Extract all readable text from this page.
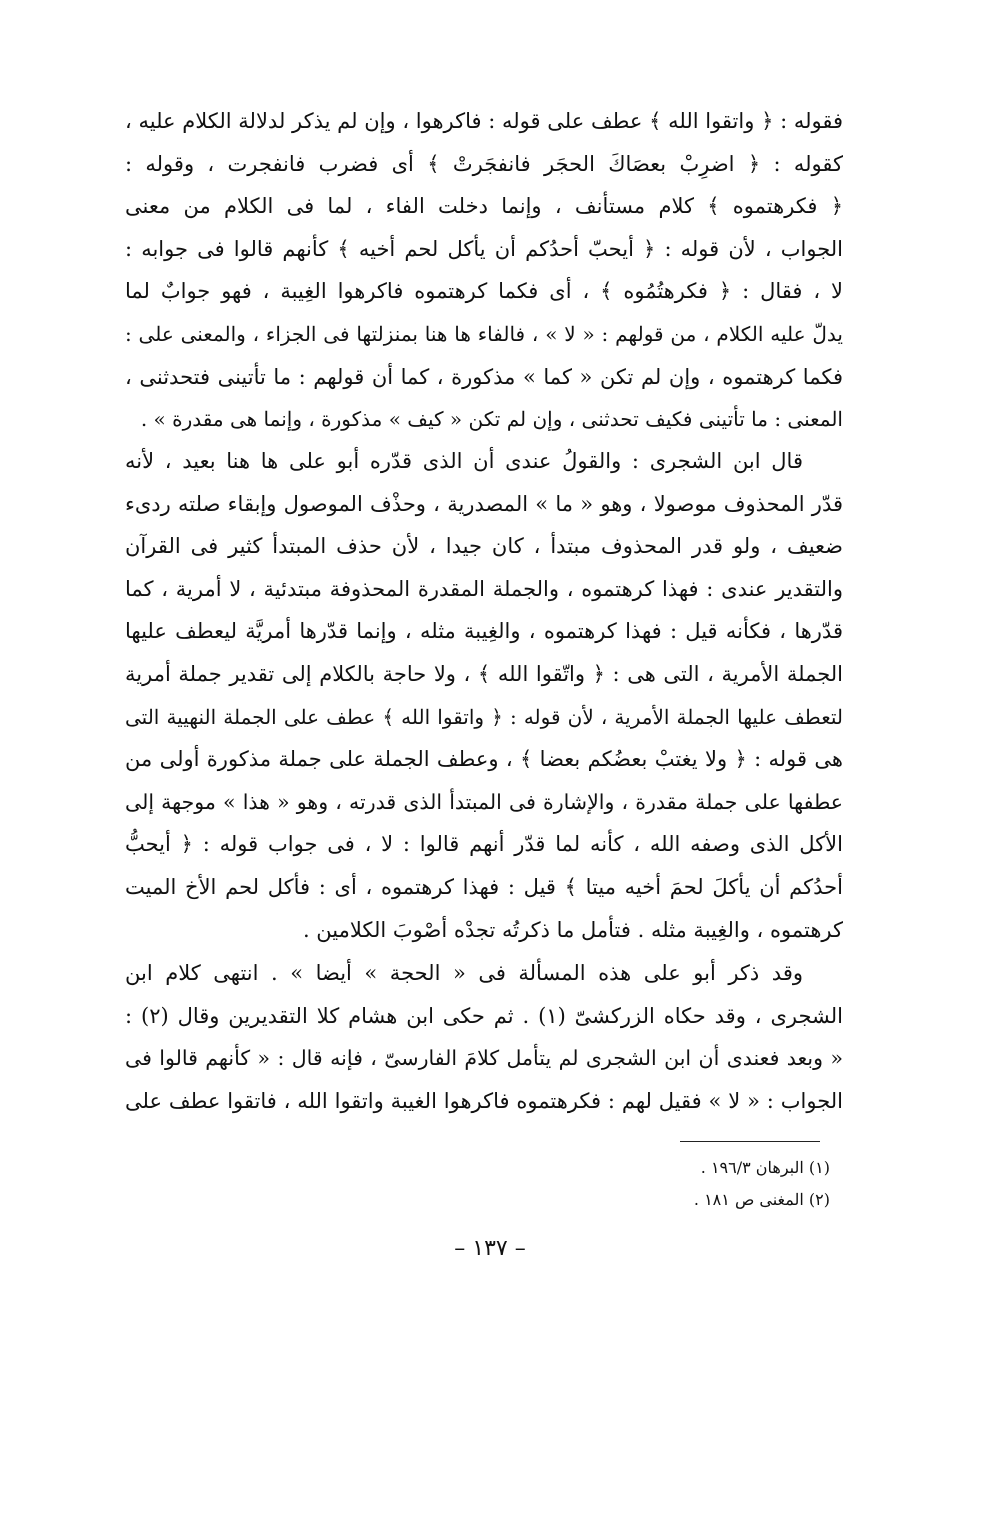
فقوله : ﴿ واتقوا الله ﴾ عطف على قوله : فاكرهوا ، وإن لم يذكر لدلالة الكلام عليه ،
كقوله : ﴿ اضرِبْ بعصَاكَ الحجَر فانفجَرتْ ﴾ أى فضرب فانفجرت ، وقوله :
﴿ فكرهتموه ﴾ كلام مستأنف ، وإنما دخلت الفاء ، لما فى الكلام من معنى
الجواب ، لأن قوله : ﴿ أيحبّ أحدُكم أن يأكل لحم أخيه ﴾ كأنهم قالوا فى جوابه :
لا ، فقال : ﴿ فكرهتُمُوه ﴾ ، أى فكما كرهتموه فاكرهوا الغِيبة ، فهو جوابٌ لما
يدلّ عليه الكلام ، من قولهم : « لا » ، فالفاء ها هنا بمنزلتها فى الجزاء ، والمعنى على :
فكما كرهتموه ، وإن لم تكن « كما » مذكورة ، كما أن قولهم : ما تأتينى فتحدثنى ،
المعنى : ما تأتينى فكيف تحدثنى ، وإن لم تكن « كيف » مذكورة ، وإنما هى مقدرة » .
قال ابن الشجرى : والقولُ عندى أن الذى قدّره أبو على ها هنا بعيد ، لأنه
قدّر المحذوف موصولا ، وهو « ما » المصدرية ، وحذْف الموصول وإبقاء صلته ردىء
ضعيف ، ولو قدر المحذوف مبتدأ ، كان جيدا ، لأن حذف المبتدأ كثير فى القرآن
والتقدير عندى : فهذا كرهتموه ، والجملة المقدرة المحذوفة مبتدئية ، لا أمرية ، كما
قدّرها ، فكأنه قيل : فهذا كرهتموه ، والغِيبة مثله ، وإنما قدّرها أمريَّة ليعطف عليها
الجملة الأمرية ، التى هى : ﴿ واتّقوا الله ﴾ ، ولا حاجة بالكلام إلى تقدير جملة أمرية
لتعطف عليها الجملة الأمرية ، لأن قوله : ﴿ واتقوا الله ﴾ عطف على الجملة النهيية التى
هى قوله : ﴿ ولا يغتبْ بعضُكم بعضا ﴾ ، وعطف الجملة على جملة مذكورة أولى من
عطفها على جملة مقدرة ، والإشارة فى المبتدأ الذى قدرته ، وهو « هذا » موجهة إلى
الأكل الذى وصفه الله ، كأنه لما قدّر أنهم قالوا : لا ، فى جواب قوله : ﴿ أيحبُّ
أحدُكم أن يأكلَ لحمَ أخيه ميتا ﴾ قيل : فهذا كرهتموه ، أى : فأكل لحم الأخ الميت
كرهتموه ، والغِيبة مثله . فتأمل ما ذكرتُه تجدْه أصْوبَ الكلامين .
وقد ذكر أبو على هذه المسألة فى « الحجة » أيضا » . انتهى كلام ابن
الشجرى ، وقد حكاه الزركشىّ (١) . ثم حكى ابن هشام كلا التقديرين وقال (٢) :
« وبعد فعندى أن ابن الشجرى لم يتأمل كلامَ الفارسىّ ، فإنه قال : « كأنهم قالوا فى
الجواب : « لا » فقيل لهم : فكرهتموه فاكرهوا الغيبة واتقوا الله ، فاتقوا عطف على
(١) البرهان ١٩٦/٣ .
(٢) المغنى ص ١٨١ .
– ١٣٧ –
